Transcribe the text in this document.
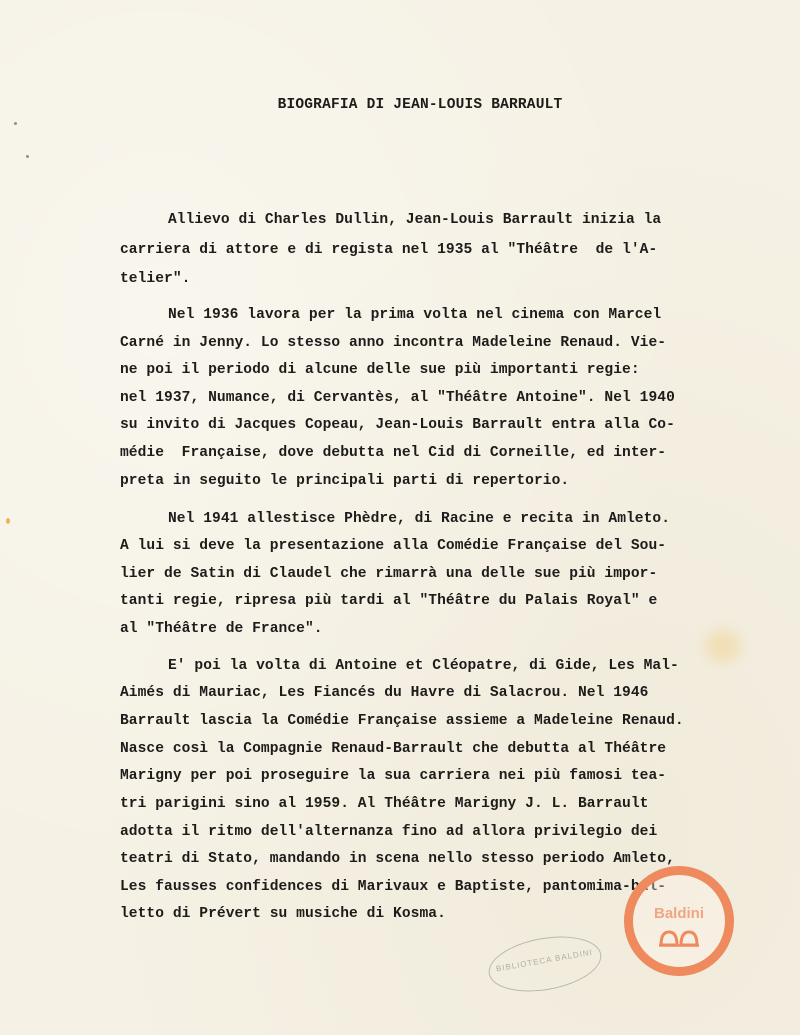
BIOGRAFIA DI JEAN-LOUIS BARRAULT
Allievo di Charles Dullin, Jean-Louis Barrault inizia la
carriera di attore e di regista nel 1935 al "Théâtre  de l'A-
telier".
Nel 1936 lavora per la prima volta nel cinema con Marcel
Carné in Jenny. Lo stesso anno incontra Madeleine Renaud. Vie-
ne poi il periodo di alcune delle sue più importanti regie:
nel 1937, Numance, di Cervantès, al "Théâtre Antoine". Nel 1940
su invito di Jacques Copeau, Jean-Louis Barrault entra alla Co-
médie  Française, dove debutta nel Cid di Corneille, ed inter-
preta in seguito le principali parti di repertorio.
Nel 1941 allestisce Phèdre, di Racine e recita in Amleto.
A lui si deve la presentazione alla Comédie Française del Sou-
lier de Satin di Claudel che rimarrà una delle sue più impor-
tanti regie, ripresa più tardi al "Théâtre du Palais Royal" e
al "Théâtre de France".
E' poi la volta di Antoine et Cléopatre, di Gide, Les Mal-
Aimés di Mauriac, Les Fiancés du Havre di Salacrou. Nel 1946
Barrault lascia la Comédie Française assieme a Madeleine Renaud.
Nasce così la Compagnie Renaud-Barrault che debutta al Théâtre
Marigny per poi proseguire la sua carriera nei più famosi tea-
tri parigini sino al 1959. Al Théâtre Marigny J. L. Barrault
adotta il ritmo dell'alternanza fino ad allora privilegio dei
teatri di Stato, mandando in scena nello stesso periodo Amleto,
Les fausses confidences di Marivaux e Baptiste, pantomima-bal-
letto di Prévert su musiche di Kosma.	Baldini
BIBLIOTECA BALDINI
